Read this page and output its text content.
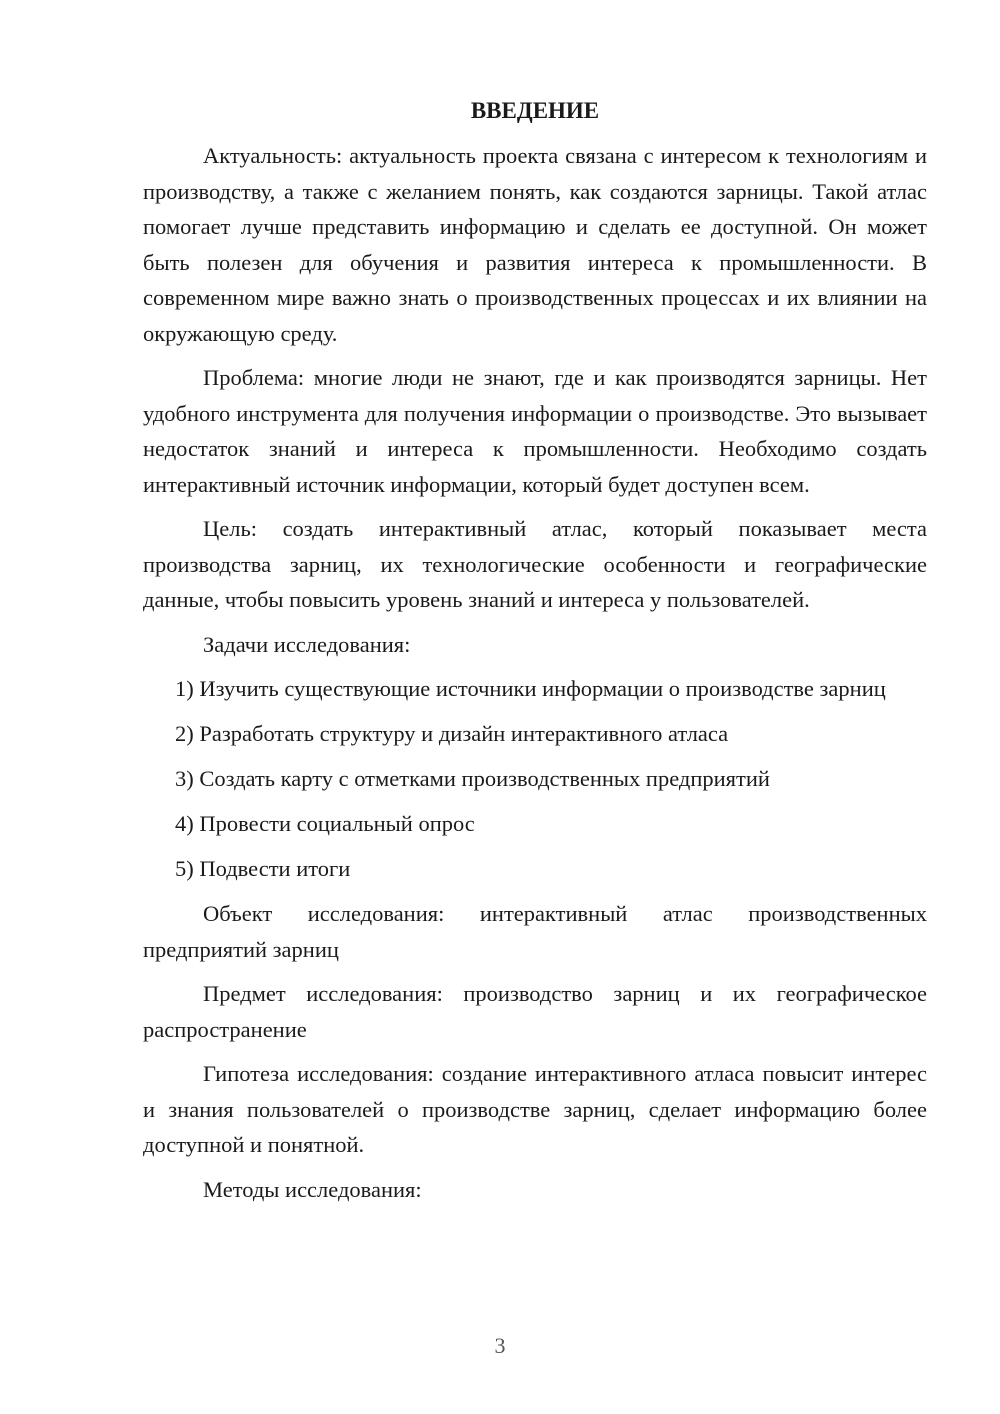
ВВЕДЕНИЕ

Актуальность: актуальность проекта связана с интересом к технологиям и производству, а также с желанием понять, как создаются зарницы. Такой атлас помогает лучше представить информацию и сделать ее доступной. Он может быть полезен для обучения и развития интереса к промышленности. В современном мире важно знать о производственных процессах и их влиянии на окружающую среду.

Проблема: многие люди не знают, где и как производятся зарницы. Нет удобного инструмента для получения информации о производстве. Это вызывает недостаток знаний и интереса к промышленности. Необходимо создать интерактивный источник информации, который будет доступен всем.

Цель: создать интерактивный атлас, который показывает места производства зарниц, их технологические особенности и географические данные, чтобы повысить уровень знаний и интереса у пользователей.

Задачи исследования:

1) Изучить существующие источники информации о производстве зарниц

2) Разработать структуру и дизайн интерактивного атласа

3) Создать карту с отметками производственных предприятий

4) Провести социальный опрос

5) Подвести итоги

Объект исследования: интерактивный атлас производственных предприятий зарниц

Предмет исследования: производство зарниц и их географическое распространение

Гипотеза исследования: создание интерактивного атласа повысит интерес и знания пользователей о производстве зарниц, сделает информацию более доступной и понятной.

Методы исследования:

3
